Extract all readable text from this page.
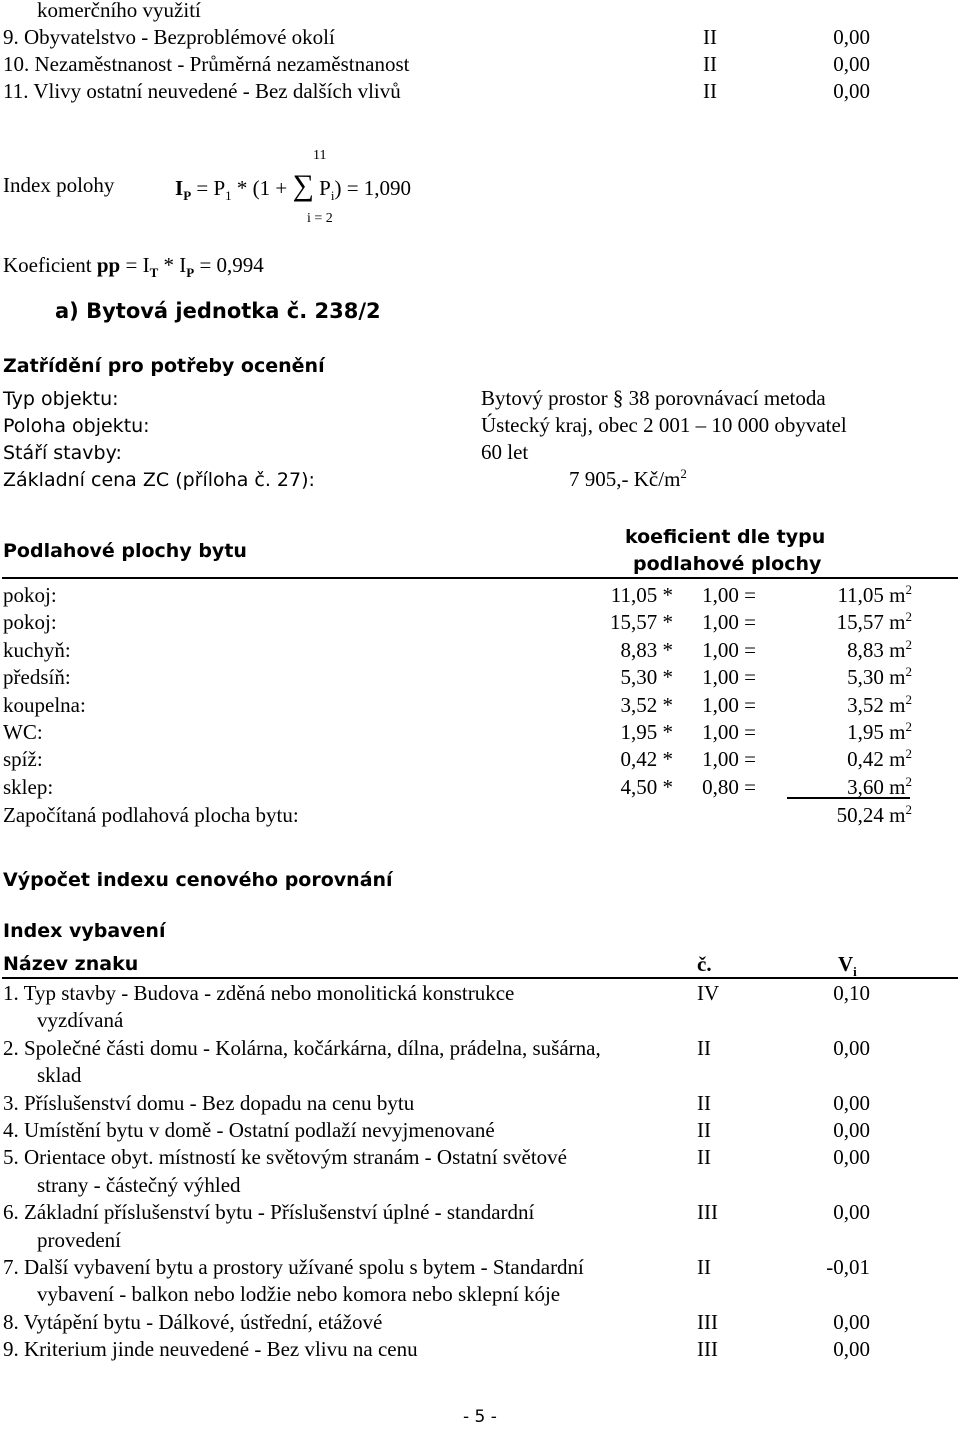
komerčního využití
9. Obyvatelstvo - Bezproblémové okolí	II	0,00
10. Nezaměstnanost - Průměrná nezaměstnanost	II	0,00
11. Vlivy ostatní neuvedené - Bez dalších vlivů	II	0,00
11
i = 2
Index polohy	$I_P = P_1 * (1$ + ∑ $P_i) = 1,090$
Koeficient pp = $I_T * I_P = 0,994$
a) Bytová jednotka č. 238/2
Zatřídění pro potřeby ocenění
Typ objektu:	Bytový prostor § 38 porovnávací metoda
Poloha objektu:	Ústecký kraj, obec 2 001 – 10 000 obyvatel
Stáří stavby:	60 let
Základní cena ZC (příloha č. 27):	7 905,- $Kč/m^2$
Podlahové plochy bytu
koeficient dle typu
podlahové plochy
pokoj:	11,05 *	1,00 =	11,05 $m^2$
pokoj:	15,57 *	1,00 =	15,57 $m^2$
kuchyň:	8,83 *	1,00 =	8,83 $m^2$
předsíň:	5,30 *	1,00 =	5,30 $m^2$
koupelna:	3,52 *	1,00 =	3,52 $m^2$
WC:	1,95 *	1,00 =	1,95 $m^2$
spíž:	0,42 *	1,00 =	0,42 $m^2$
sklep:	4,50 *	0,80 =	3,60 $m^2$
Započítaná podlahová plocha bytu:	50,24 $m^2$
Výpočet indexu cenového porovnání
Index vybavení
Název znaku	č.	$V_i$
1. Typ stavby - Budova - zděná nebo monolitická konstrukce	IV	0,10
vyzdívaná
2. Společné části domu - Kolárna, kočárkárna, dílna, prádelna, sušárna,	II	0,00
sklad
3. Příslušenství domu - Bez dopadu na cenu bytu	II	0,00
4. Umístění bytu v domě - Ostatní podlaží nevyjmenované	II	0,00
5. Orientace obyt. místností ke světovým stranám - Ostatní světové	II	0,00
strany - částečný výhled
6. Základní příslušenství bytu - Příslušenství úplné - standardní	III	0,00
provedení
7. Další vybavení bytu a prostory užívané spolu s bytem - Standardní	II	-0,01
vybavení - balkon nebo lodžie nebo komora nebo sklepní kóje
8. Vytápění bytu - Dálkové, ústřední, etážové	III	0,00
9. Kriterium jinde neuvedené - Bez vlivu na cenu	III	0,00
- 5 -
